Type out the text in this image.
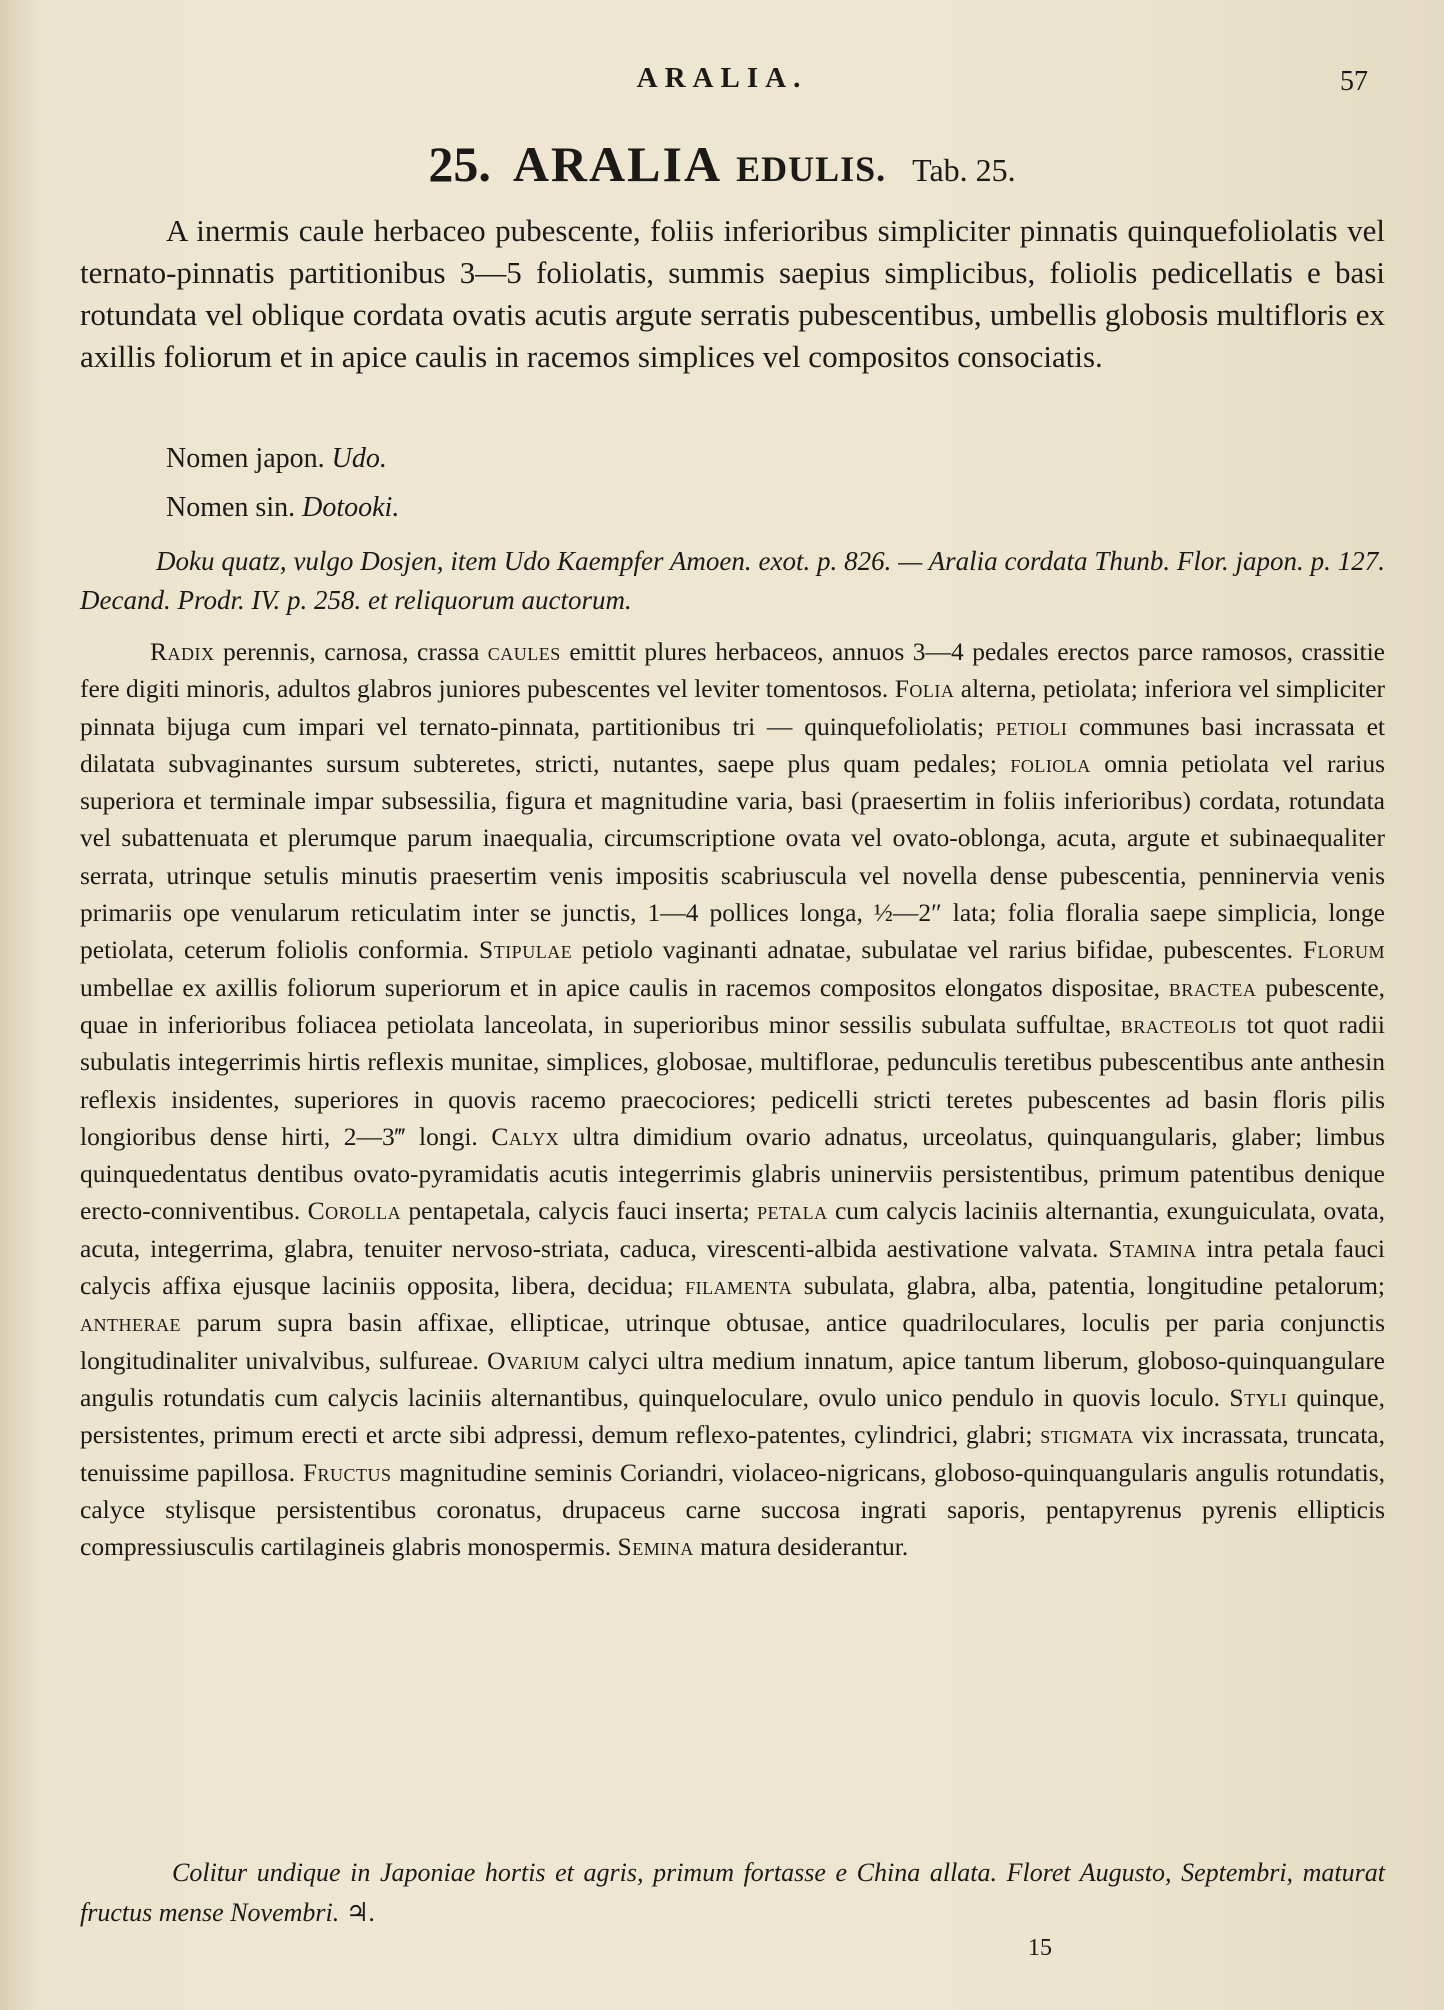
ARALIA.	57
25. ARALIA EDULIS. Tab. 25.
A inermis caule herbaceo pubescente, foliis inferioribus simpliciter pinnatis quinquefoliolatis vel ternato-pinnatis partitionibus 3—5 foliolatis, summis saepius simplicibus, foliolis pedicellatis e basi rotundata vel oblique cordata ovatis acutis argute serratis pubescentibus, umbellis globosis multifloris ex axillis foliorum et in apice caulis in racemos simplices vel compositos consociatis.
Nomen japon. Udo.
Nomen sin. Dotooki.
Doku quatz, vulgo Dosjen, item Udo Kaempfer Amoen. exot. p. 826. — Aralia cordata Thunb. Flor. japon. p. 127. Decand. Prodr. IV. p. 258. et reliquorum auctorum.
Radix perennis, carnosa, crassa caules emittit plures herbaceos, annuos 3—4 pedales erectos parce ramosos, crassitie fere digiti minoris, adultos glabros juniores pubescentes vel leviter tomentosos. Folia alterna, petiolata; inferiora vel simpliciter pinnata bijuga cum impari vel ternato-pinnata, partitionibus tri — quinquefoliolatis; petioli communes basi incrassata et dilatata subvaginantes sursum subteretes, stricti, nutantes, saepe plus quam pedales; foliola omnia petiolata vel rarius superiora et terminale impar subsessilia, figura et magnitudine varia, basi (praesertim in foliis inferioribus) cordata, rotundata vel subattenuata et plerumque parum inaequalia, circumscriptione ovata vel ovato-oblonga, acuta, argute et subinaequaliter serrata, utrinque setulis minutis praesertim venis impositis scabriuscula vel novella dense pubescentia, penninervia venis primariis ope venularum reticulatim inter se junctis, 1—4 pollices longa, ½—2″ lata; folia floralia saepe simplicia, longe petiolata, ceterum foliolis conformia. Stipulae petiolo vaginanti adnatae, subulatae vel rarius bifidae, pubescentes. Florum umbellae ex axillis foliorum superiorum et in apice caulis in racemos compositos elongatos dispositae, bractea pubescente, quae in inferioribus foliacea petiolata lanceolata, in superioribus minor sessilis subulata suffultae, bracteolis tot quot radii subulatis integerrimis hirtis reflexis munitae, simplices, globosae, multiflorae, pedunculis teretibus pubescentibus ante anthesin reflexis insidentes, superiores in quovis racemo praecociores; pedicelli stricti teretes pubescentes ad basin floris pilis longioribus dense hirti, 2—3‴ longi. Calyx ultra dimidium ovario adnatus, urceolatus, quinquangularis, glaber; limbus quinquedentatus dentibus ovato-pyramidatis acutis integerrimis glabris uninerviis persistentibus, primum patentibus denique erecto-conniventibus. Corolla pentapetala, calycis fauci inserta; petala cum calycis laciniis alternantia, exunguiculata, ovata, acuta, integerrima, glabra, tenuiter nervoso-striata, caduca, virescenti-albida aestivatione valvata. Stamina intra petala fauci calycis affixa ejusque laciniis opposita, libera, decidua; filamenta subulata, glabra, alba, patentia, longitudine petalorum; antherae parum supra basin affixae, ellipticae, utrinque obtusae, antice quadriloculares, loculis per paria conjunctis longitudinaliter univalvibus, sulfureae. Ovarium calyci ultra medium innatum, apice tantum liberum, globoso-quinquangulare angulis rotundatis cum calycis laciniis alternantibus, quinqueloculare, ovulo unico pendulo in quovis loculo. Styli quinque, persistentes, primum erecti et arcte sibi adpressi, demum reflexo-patentes, cylindrici, glabri; stigmata vix incrassata, truncata, tenuissime papillosa. Fructus magnitudine seminis Coriandri, violaceo-nigricans, globoso-quinquangularis angulis rotundatis, calyce stylisque persistentibus coronatus, drupaceus carne succosa ingrati saporis, pentapyrenus pyrenis ellipticis compressiusculis cartilagineis glabris monospermis. Semina matura desiderantur.
Colitur undique in Japoniae hortis et agris, primum fortasse e China allata. Floret Augusto, Septembri, maturat fructus mense Novembri. ♃.
15
